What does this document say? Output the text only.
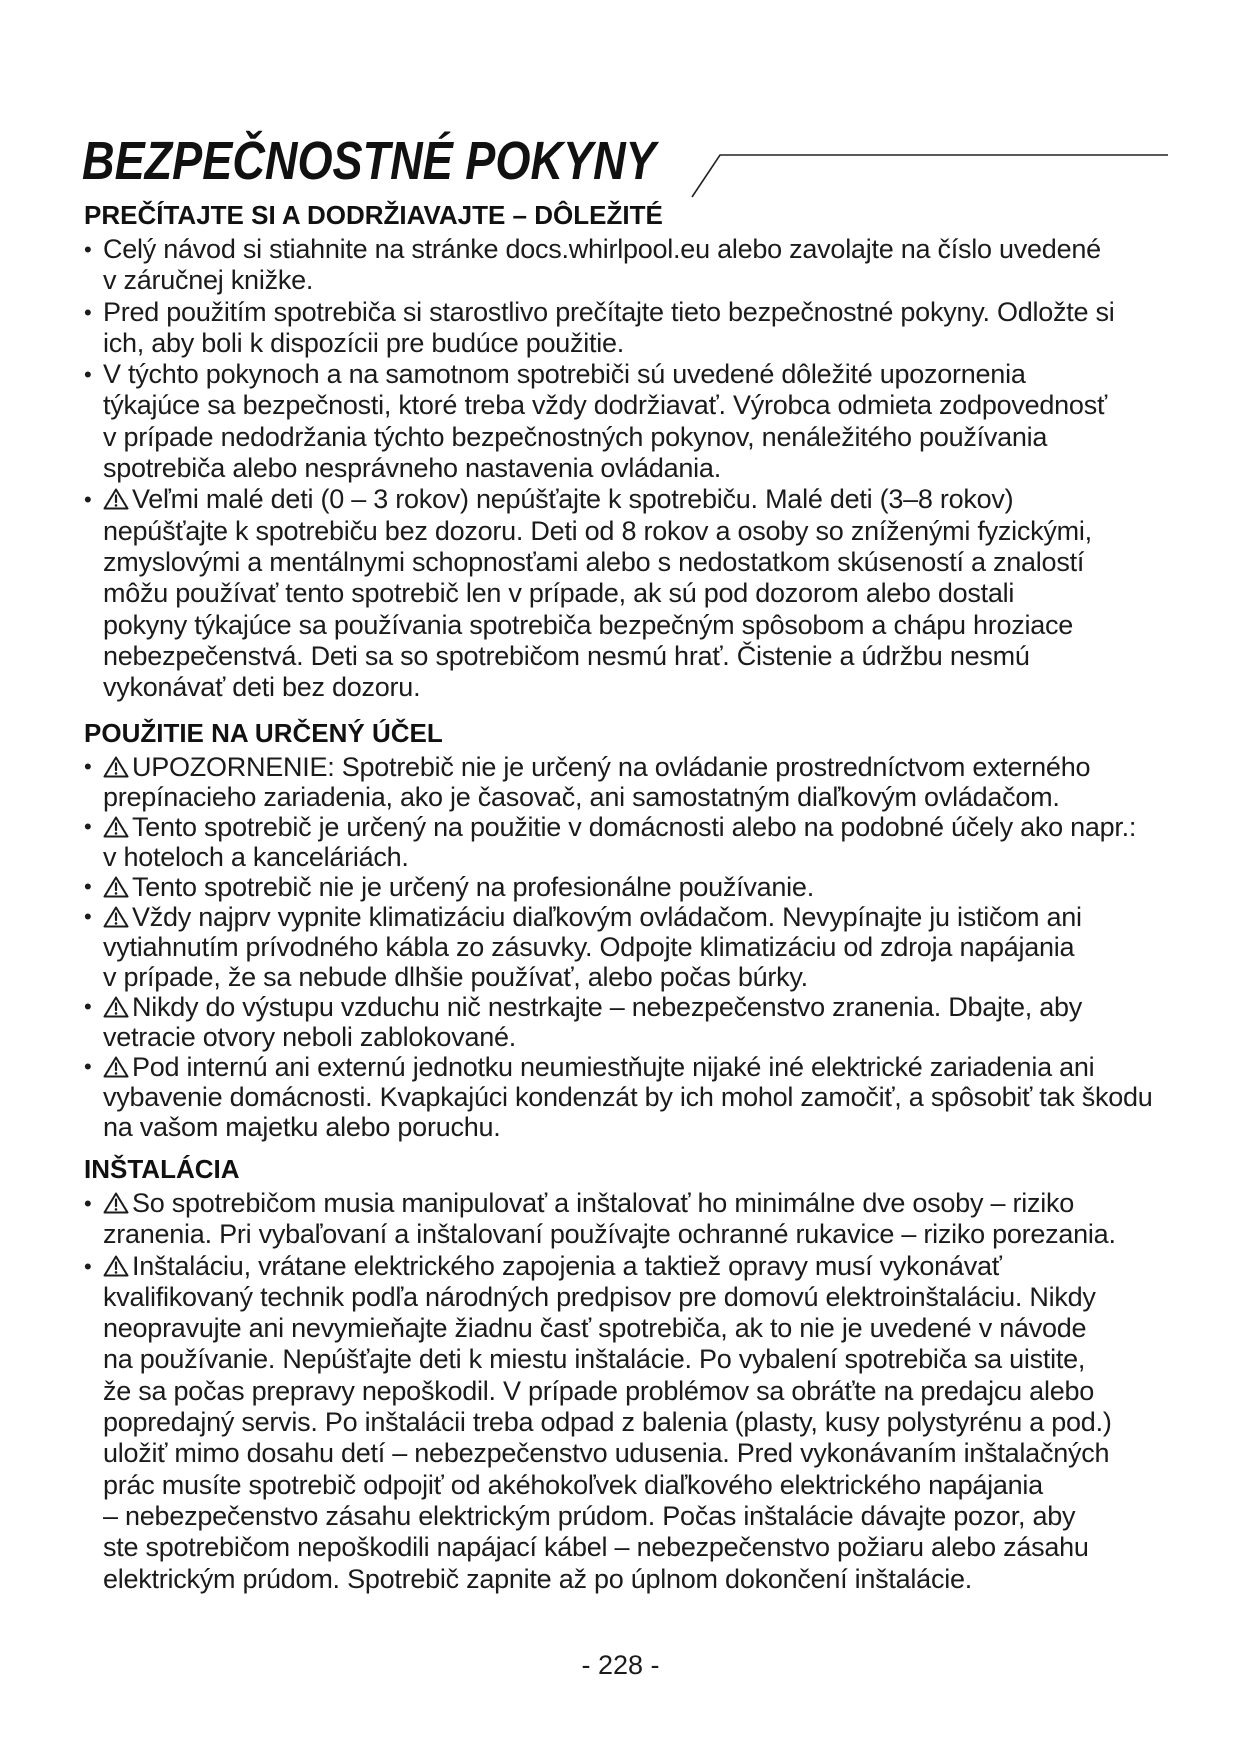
BEZPEČNOSTNÉ POKYNY
PREČÍTAJTE SI A DODRŽIAVAJTE – DÔLEŽITÉ
• Celý návod si stiahnite na stránke docs.whirlpool.eu alebo zavolajte na číslo uvedené
v záručnej knižke.
• Pred použitím spotrebiča si starostlivo prečítajte tieto bezpečnostné pokyny. Odložte si
ich, aby boli k dispozícii pre budúce použitie.
• V týchto pokynoch a na samotnom spotrebiči sú uvedené dôležité upozornenia
týkajúce sa bezpečnosti, ktoré treba vždy dodržiavať. Výrobca odmieta zodpovednosť
v prípade nedodržania týchto bezpečnostných pokynov, nenáležitého používania
spotrebiča alebo nesprávneho nastavenia ovládania.
•	Veľmi malé deti (0 – 3 rokov) nepúšťajte k spotrebiču. Malé deti (3–8 rokov)
nepúšťajte k spotrebiču bez dozoru. Deti od 8 rokov a osoby so zníženými fyzickými,
zmyslovými a mentálnymi schopnosťami alebo s nedostatkom skúseností a znalostí
môžu používať tento spotrebič len v prípade, ak sú pod dozorom alebo dostali
pokyny týkajúce sa používania spotrebiča bezpečným spôsobom a chápu hroziace
nebezpečenstvá. Deti sa so spotrebičom nesmú hrať. Čistenie a údržbu nesmú
vykonávať deti bez dozoru.
POUŽITIE NA URČENÝ ÚČEL
•	UPOZORNENIE: Spotrebič nie je určený na ovládanie prostredníctvom externého
prepínacieho zariadenia, ako je časovač, ani samostatným diaľkovým ovládačom.
•	Tento spotrebič je určený na použitie v domácnosti alebo na podobné účely ako napr.:
v hoteloch a kanceláriách.
•	Tento spotrebič nie je určený na profesionálne používanie.
•	Vždy najprv vypnite klimatizáciu diaľkovým ovládačom. Nevypínajte ju ističom ani
vytiahnutím prívodného kábla zo zásuvky. Odpojte klimatizáciu od zdroja napájania
v prípade, že sa nebude dlhšie používať, alebo počas búrky.
•	Nikdy do výstupu vzduchu nič nestrkajte – nebezpečenstvo zranenia. Dbajte, aby
vetracie otvory neboli zablokované.
•	Pod internú ani externú jednotku neumiestňujte nijaké iné elektrické zariadenia ani
vybavenie domácnosti. Kvapkajúci kondenzát by ich mohol zamočiť, a spôsobiť tak škodu
na vašom majetku alebo poruchu.
INŠTALÁCIA
•	So spotrebičom musia manipulovať a inštalovať ho minimálne dve osoby – riziko
zranenia. Pri vybaľovaní a inštalovaní používajte ochranné rukavice – riziko porezania.
•	Inštaláciu, vrátane elektrického zapojenia a taktiež opravy musí vykonávať
kvalifikovaný technik podľa národných predpisov pre domovú elektroinštaláciu. Nikdy
neopravujte ani nevymieňajte žiadnu časť spotrebiča, ak to nie je uvedené v návode
na používanie. Nepúšťajte deti k miestu inštalácie. Po vybalení spotrebiča sa uistite,
že sa počas prepravy nepoškodil. V prípade problémov sa obráťte na predajcu alebo
popredajný servis. Po inštalácii treba odpad z balenia (plasty, kusy polystyrénu a pod.)
uložiť mimo dosahu detí – nebezpečenstvo udusenia. Pred vykonávaním inštalačných
prác musíte spotrebič odpojiť od akéhokoľvek diaľkového elektrického napájania
– nebezpečenstvo zásahu elektrickým prúdom. Počas inštalácie dávajte pozor, aby
ste spotrebičom nepoškodili napájací kábel – nebezpečenstvo požiaru alebo zásahu
elektrickým prúdom. Spotrebič zapnite až po úplnom dokončení inštalácie.
- 228 -
